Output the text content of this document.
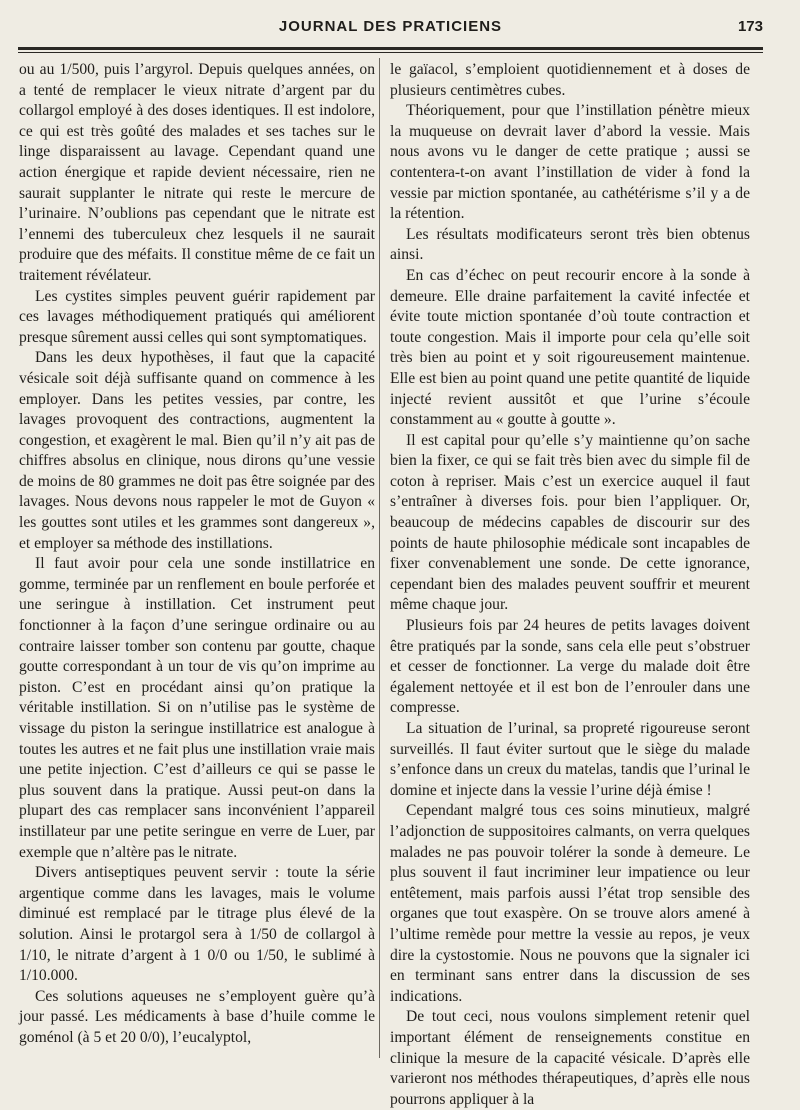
JOURNAL DES PRATICIENS	173

ou au 1/500, puis l’argyrol. Depuis quelques années, on a tenté de remplacer le vieux nitrate d’argent par du collargol employé à des doses identiques. Il est indolore, ce qui est très goûté des malades et ses taches sur le linge disparaissent au lavage. Cependant quand une action énergique et rapide devient nécessaire, rien ne saurait supplanter le nitrate qui reste le mercure de l’urinaire. N’oublions pas cependant que le nitrate est l’ennemi des tuberculeux chez lesquels il ne saurait produire que des méfaits. Il constitue même de ce fait un traitement révélateur.

Les cystites simples peuvent guérir rapidement par ces lavages méthodiquement pratiqués qui améliorent presque sûrement aussi celles qui sont symptomatiques.

Dans les deux hypothèses, il faut que la capacité vésicale soit déjà suffisante quand on commence à les employer. Dans les petites vessies, par contre, les lavages provoquent des contractions, augmentent la congestion, et exagèrent le mal. Bien qu’il n’y ait pas de chiffres absolus en clinique, nous dirons qu’une vessie de moins de 80 grammes ne doit pas être soignée par des lavages. Nous devons nous rappeler le mot de Guyon « les gouttes sont utiles et les grammes sont dangereux », et employer sa méthode des instillations.

Il faut avoir pour cela une sonde instillatrice en gomme, terminée par un renflement en boule perforée et une seringue à instillation. Cet instrument peut fonctionner à la façon d’une seringue ordinaire ou au contraire laisser tomber son contenu par goutte, chaque goutte correspondant à un tour de vis qu’on imprime au piston. C’est en procédant ainsi qu’on pratique la véritable instillation. Si on n’utilise pas le système de vissage du piston la seringue instillatrice est analogue à toutes les autres et ne fait plus une instillation vraie mais une petite injection. C’est d’ailleurs ce qui se passe le plus souvent dans la pratique. Aussi peut-on dans la plupart des cas remplacer sans inconvénient l’appareil instillateur par une petite seringue en verre de Luer, par exemple que n’altère pas le nitrate.

Divers antiseptiques peuvent servir : toute la série argentique comme dans les lavages, mais le volume diminué est remplacé par le titrage plus élevé de la solution. Ainsi le protargol sera à 1/50 de collargol à 1/10, le nitrate d’argent à 1 0/0 ou 1/50, le sublimé à 1/10.000.

Ces solutions aqueuses ne s’employent guère qu’à jour passé. Les médicaments à base d’huile comme le goménol (à 5 et 20 0/0), l’eucalyptol,

le gaïacol, s’emploient quotidiennement et à doses de plusieurs centimètres cubes.

Théoriquement, pour que l’instillation pénètre mieux la muqueuse on devrait laver d’abord la vessie. Mais nous avons vu le danger de cette pratique ; aussi se contentera-t-on avant l’instillation de vider à fond la vessie par miction spontanée, au cathétérisme s’il y a de la rétention.

Les résultats modificateurs seront très bien obtenus ainsi.

En cas d’échec on peut recourir encore à la sonde à demeure. Elle draine parfaitement la cavité infectée et évite toute miction spontanée d’où toute contraction et toute congestion. Mais il importe pour cela qu’elle soit très bien au point et y soit rigoureusement maintenue. Elle est bien au point quand une petite quantité de liquide injecté revient aussitôt et que l’urine s’écoule constamment au « goutte à goutte ».

Il est capital pour qu’elle s’y maintienne qu’on sache bien la fixer, ce qui se fait très bien avec du simple fil de coton à repriser. Mais c’est un exercice auquel il faut s’entraîner à diverses fois. pour bien l’appliquer. Or, beaucoup de médecins capables de discourir sur des points de haute philosophie médicale sont incapables de fixer convenablement une sonde. De cette ignorance, cependant bien des malades peuvent souffrir et meurent même chaque jour.

Plusieurs fois par 24 heures de petits lavages doivent être pratiqués par la sonde, sans cela elle peut s’obstruer et cesser de fonctionner. La verge du malade doit être également nettoyée et il est bon de l’enrouler dans une compresse.

La situation de l’urinal, sa propreté rigoureuse seront surveillés. Il faut éviter surtout que le siège du malade s’enfonce dans un creux du matelas, tandis que l’urinal le domine et injecte dans la vessie l’urine déjà émise !

Cependant malgré tous ces soins minutieux, malgré l’adjonction de suppositoires calmants, on verra quelques malades ne pas pouvoir tolérer la sonde à demeure. Le plus souvent il faut incriminer leur impatience ou leur entêtement, mais parfois aussi l’état trop sensible des organes que tout exaspère. On se trouve alors amené à l’ultime remède pour mettre la vessie au repos, je veux dire la cystostomie. Nous ne pouvons que la signaler ici en terminant sans entrer dans la discussion de ses indications.

De tout ceci, nous voulons simplement retenir quel important élément de renseignements constitue en clinique la mesure de la capacité vésicale. D’après elle varieront nos méthodes thérapeutiques, d’après elle nous pourrons appliquer à la
